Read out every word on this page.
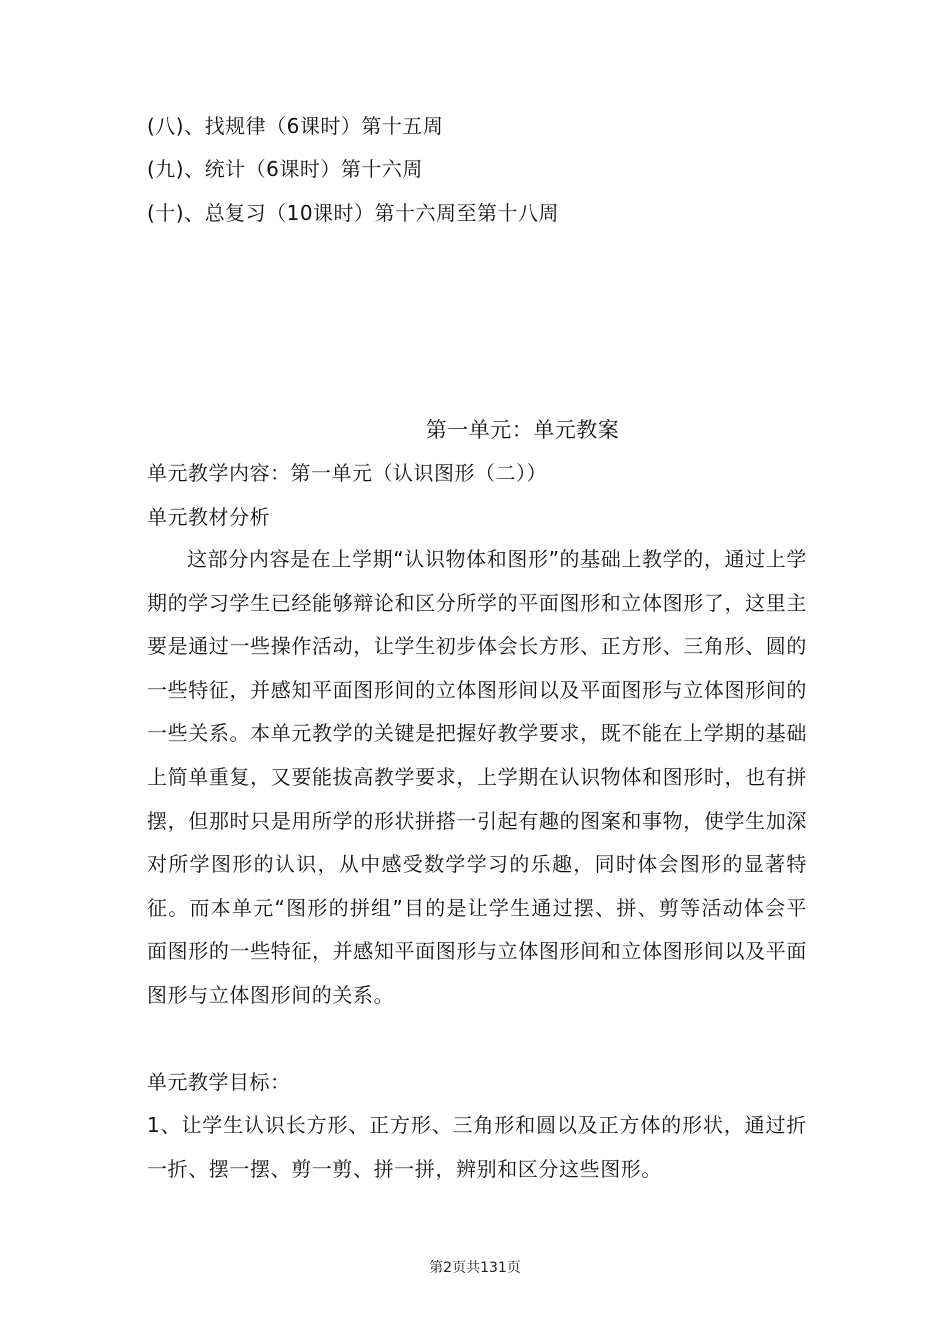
(八)、找规律（6课时）第十五周
(九)、统计（6课时）第十六周
(十)、总复习（10课时）第十六周至第十八周
第一单元：单元教案
单元教学内容：第一单元（认识图形（二））
单元教材分析
这部分内容是在上学期“认识物体和图形”的基础上教学的，通过上学期的学习学生已经能够辩论和区分所学的平面图形和立体图形了，这里主要是通过一些操作活动，让学生初步体会长方形、正方形、三角形、圆的一些特征，并感知平面图形间的立体图形间以及平面图形与立体图形间的一些关系。本单元教学的关键是把握好教学要求，既不能在上学期的基础上简单重复，又要能拔高教学要求，上学期在认识物体和图形时，也有拼摆，但那时只是用所学的形状拼搭一引起有趣的图案和事物，使学生加深对所学图形的认识，从中感受数学学习的乐趣，同时体会图形的显著特征。而本单元“图形的拼组”目的是让学生通过摆、拼、剪等活动体会平面图形的一些特征，并感知平面图形与立体图形间和立体图形间以及平面图形与立体图形间的关系。
单元教学目标：
1、让学生认识长方形、正方形、三角形和圆以及正方体的形状，通过折一折、摆一摆、剪一剪、拼一拼，辨别和区分这些图形。
第2页共131页
